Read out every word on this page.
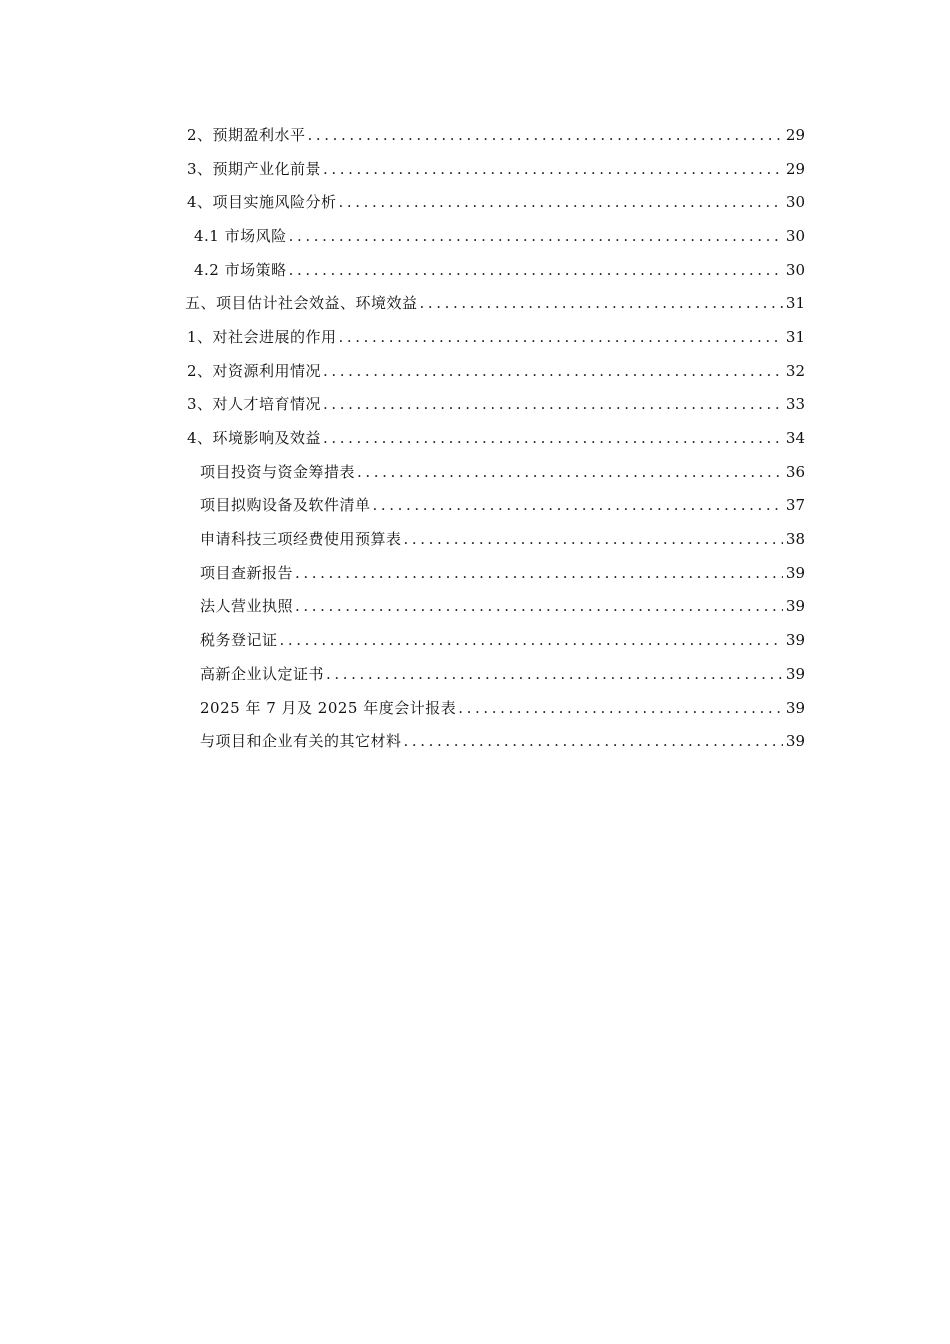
2、预期盈利水平 .....	29
3、预期产业化前景 .....	29
4、项目实施风险分析 .....	30
4.1 市场风险 .....	30
4.2 市场策略 .....	30
五、项目估计社会效益、环境效益 .....	31
1、对社会进展的作用 .....	31
2、对资源利用情况 .....	32
3、对人才培育情况 .....	33
4、环境影响及效益 .....	34
项目投资与资金筹措表 .....	36
项目拟购设备及软件清单 .....	37
申请科技三项经费使用预算表 .....	38
项目查新报告 .....	39
法人营业执照 .....	39
税务登记证 .....	39
高新企业认定证书 .....	39
2025 年 7 月及 2025 年度会计报表 .....	39
与项目和企业有关的其它材料 .....	39
